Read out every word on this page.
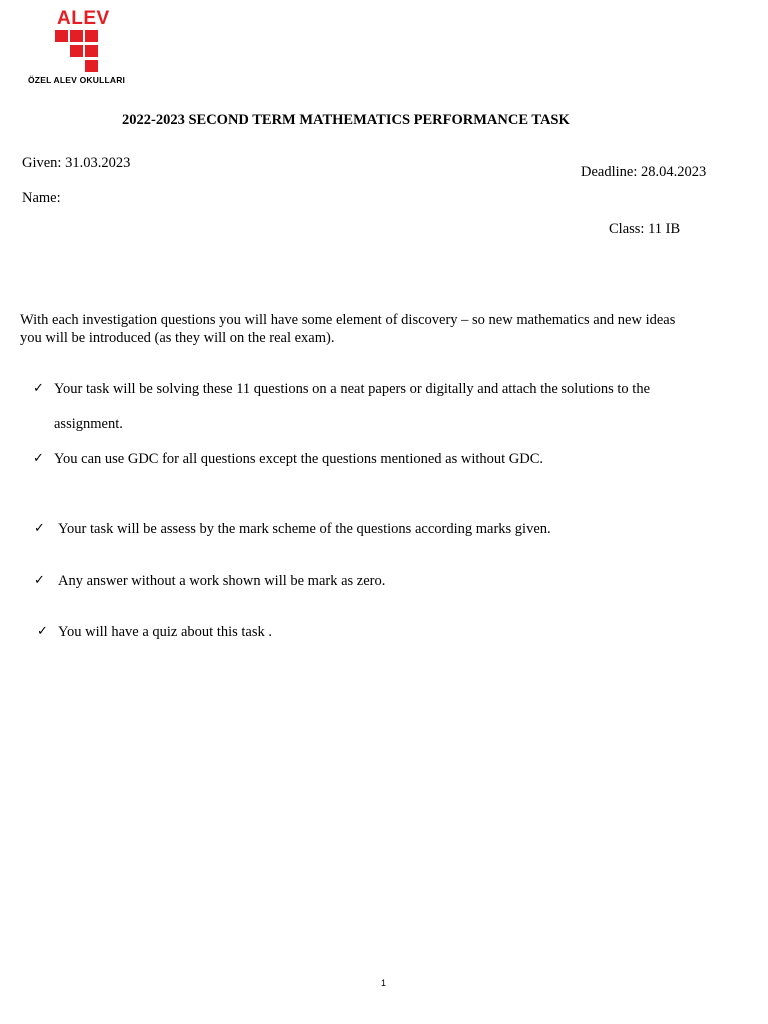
ALEV
ÖZEL ALEV OKULLARI
2022-2023 SECOND TERM MATHEMATICS PERFORMANCE TASK
Given: 31.03.2023
Deadline: 28.04.2023
Name:
Class: 11 IB
With each investigation questions you will have some element of discovery – so new mathematics and new ideas
you will be introduced (as they will on the real exam).
✓ Your task will be solving these 11 questions on a neat papers or digitally and attach the solutions to the
assignment.
✓ You can use GDC for all questions except the questions mentioned as without GDC.
✓ Your task will be assess by the mark scheme of the questions according marks given.
✓ Any answer without a work shown will be mark as zero.
✓ You will have a quiz about this task .
1
